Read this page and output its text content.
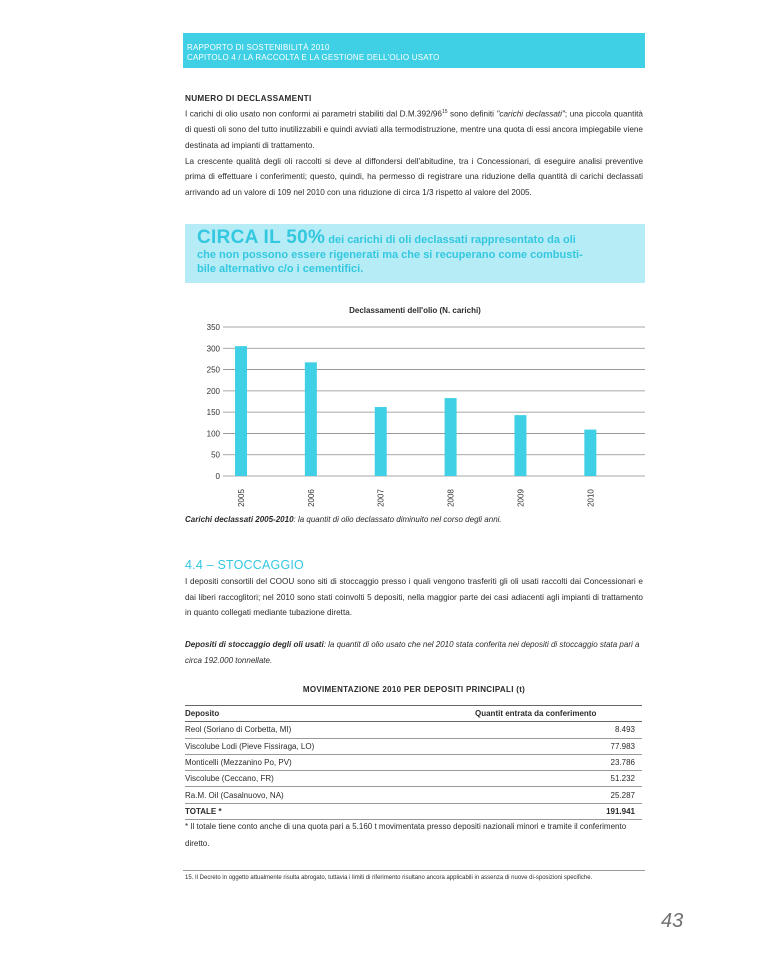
RAPPORTO DI SOSTENIBILITÀ 2010
CAPITOLO 4 / LA RACCOLTA E LA GESTIONE DELL'OLIO USATO
NUMERO DI DECLASSAMENTI
I carichi di olio usato non conformi ai parametri stabiliti dal $D.M.392/96^{15}$ sono definiti "carichi declassati"; una piccola quantità di questi oli sono del tutto inutilizzabili e quindi avviati alla termodistruzione, mentre una quota di essi ancora impiegabile viene destinata ad impianti di trattamento.
La crescente qualità degli oli raccolti si deve al diffondersi dell'abitudine, tra i Concessionari, di eseguire analisi preventive prima di effettuare i conferimenti; questo, quindi, ha permesso di registrare una riduzione della quantità di carichi declassati arrivando ad un valore di 109 nel 2010 con una riduzione di circa 1/3 rispetto al valore del 2005.
CIRCA IL 50% dei carichi di oli declassati rappresentato da oli
che non possono essere rigenerati ma che si recuperano come combusti-
bile alternativo c/o i cementifici.
Declassamenti dell'olio (N. carichi)
0
50
100
150
200
250
300
350
2005	2006	2007	2008	2009	2010
Carichi declassati 2005-2010: la quantit di olio declassato diminuito nel corso degli anni.
4.4 – STOCCAGGIO
I depositi consortili del COOU sono siti di stoccaggio presso i quali vengono trasferiti gli oli usati raccolti dai Concessionari e dai liberi raccoglitori; nel 2010 sono stati coinvolti 5 depositi, nella maggior parte dei casi adiacenti agli impianti di trattamento in quanto collegati mediante tubazione diretta.
Depositi di stoccaggio degli oli usati: la quantit di olio usato che nel 2010 stata conferita nei depositi di stoccaggio stata pari a circa 192.000 tonnellate.
MOVIMENTAZIONE 2010 PER DEPOSITI PRINCIPALI (t)
Deposito	Quantit entrata da conferimento
Reol (Soriano di Corbetta, MI)	8.493
Viscolube Lodi (Pieve Fissiraga, LO)	77.983
Monticelli (Mezzanino Po, PV)	23.786
Viscolube (Ceccano, FR)	51.232
Ra.M. Oil (Casalnuovo, NA)	25.287
TOTALE *	191.941
* Il totale tiene conto anche di una quota pari a 5.160 t movimentata presso depositi nazionali minori e tramite il conferimento diretto.
15. Il Decreto in oggetto attualmente risulta abrogato, tuttavia i limiti di riferimento risultano ancora applicabili in assenza di nuove di-sposizioni specifiche.
43
